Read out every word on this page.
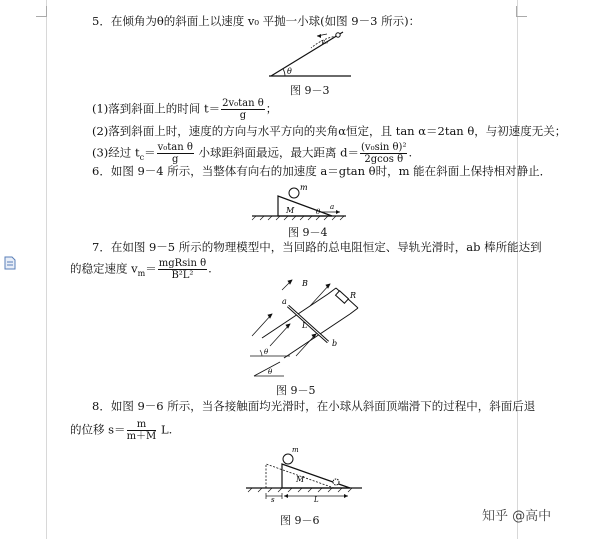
5．在倾角为θ的斜面上以速度 v₀ 平抛一小球(如图 9－3 所示)：
θ
v₀
图 9－3
(1)落到斜面上的时间 $t= \frac{\text{2v₀tan θ}}{g}$ ；
(2)落到斜面上时，速度的方向与水平方向的夹角α恒定，且 tan α＝2tan θ，与初速度无关；
(3)经过 $t_c= \frac{\text{v₀tan θ}}{g}$ 小球距斜面最远，最大距离 $d= \frac{\text{(v₀sin θ)²}}{\text{2gcos θ}}$ .
6．如图 9－4 所示，当整体有向右的加速度 a＝gtan θ时，m 能在斜面上保持相对静止．
m
M	θ
a
图 9－4
7．在如图 9－5 所示的物理模型中，当回路的总电阻恒定、导轨光滑时，ab 棒所能达到
的稳定速度 $v_m= \frac{\text{mgRsin θ}}{\text{B²L²}}$ .
θ
θ
B
R
a
b
L
图 9－5
8．如图 9－6 所示，当各接触面均光滑时，在小球从斜面顶端滑下的过程中，斜面后退
的位移 $s= \frac{m}{m+M} L$.
m
M
s	L
图 9－6	知乎 @高中
